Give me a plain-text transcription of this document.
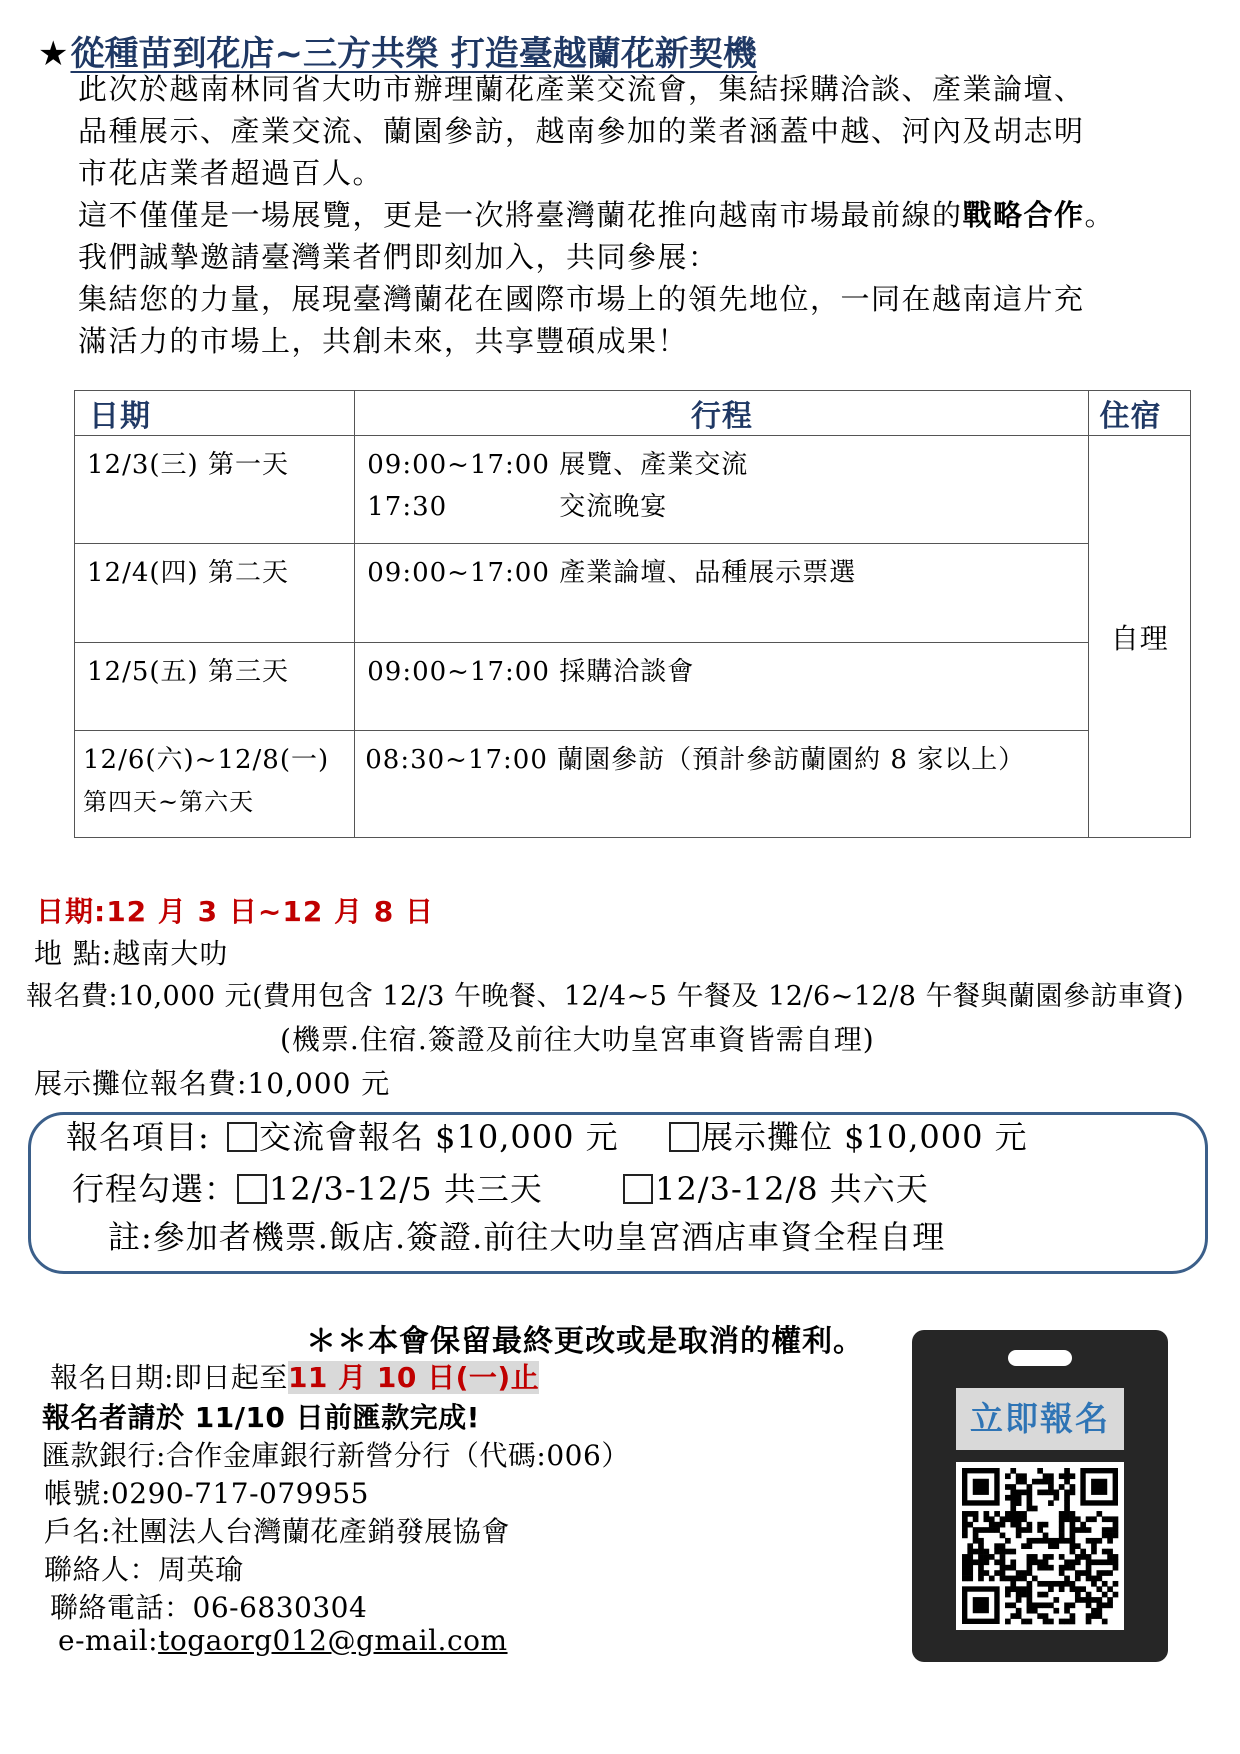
★從種苗到花店~三方共榮 打造臺越蘭花新契機

此次於越南林同省大叻市辦理蘭花產業交流會，集結採購洽談、產業論壇、

品種展示、產業交流、蘭園參訪，越南參加的業者涵蓋中越、河內及胡志明

市花店業者超過百人。

這不僅僅是一場展覽，更是一次將臺灣蘭花推向越南市場最前線的戰略合作。

我們誠摯邀請臺灣業者們即刻加入，共同參展：

集結您的力量，展現臺灣蘭花在國際市場上的領先地位，一同在越南這片充

滿活力的市場上，共創未來，共享豐碩成果！

日期	行程	住宿
12/3(三) 第一天	09:00~17:00 展覽、產業交流
17:30 交流晚宴	自理
12/4(四) 第二天	09:00~17:00 產業論壇、品種展示票選	

12/5(五) 第三天	09:00~17:00 採購洽談會	

12/6(六)~12/8(一)
第四天~第六天	08:30~17:00 蘭園參訪（預計參訪蘭園約 8 家以上）	
日期:12 月 3 日~12 月 8 日
地 點:越南大叻
報名費:10,000 元(費用包含 12/3 午晚餐、12/4~5 午餐及 12/6~12/8 午餐與蘭園參訪車資)
(機票.住宿.簽證及前往大叻皇宮車資皆需自理)
展示攤位報名費:10,000 元
報名項目: 交流會報名 $10,000 元	展示攤位 $10,000 元
行程勾選： 12/3-12/5 共三天	12/3-12/8 共六天
註:參加者機票.飯店.簽證.前往大叻皇宮酒店車資全程自理
＊＊本會保留最終更改或是取消的權利。
報名日期:即日起至11 月 10 日(一)止
報名者請於 11/10 日前匯款完成!
匯款銀行:合作金庫銀行新營分行（代碼:006）
帳號:0290-717-079955
戶名:社團法人台灣蘭花產銷發展協會
聯絡人：周英瑜
聯絡電話：06-6830304
e-mail:togaorg012@gmail.com
立即報名
